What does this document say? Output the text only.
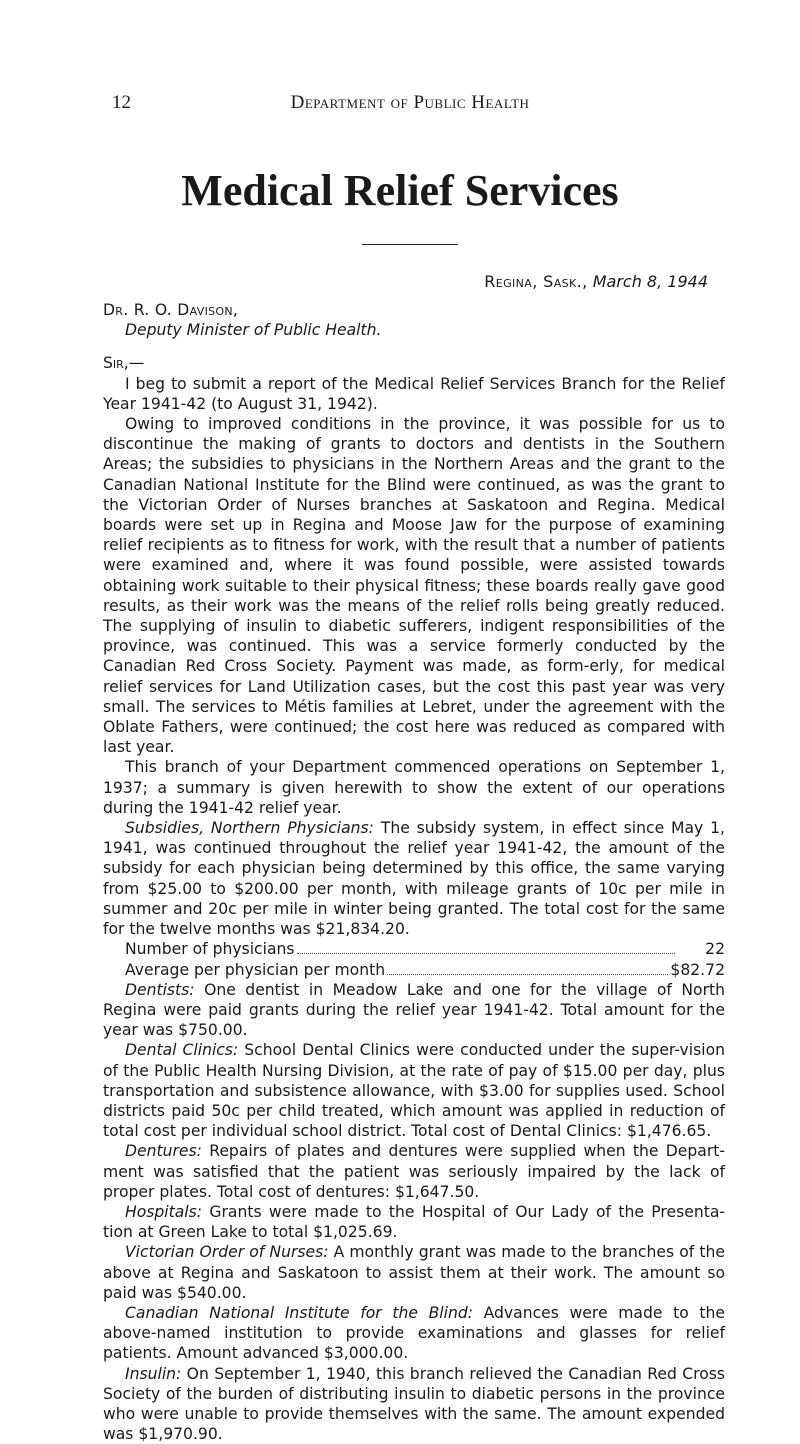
12	Department of Public Health
Medical Relief Services
Regina, Sask., March 8, 1944

Dr. R. O. Davison,

Deputy Minister of Public Health.

Sir,—

I beg to submit a report of the Medical Relief Services Branch for the Relief Year 1941-42 (to August 31, 1942).

Owing to improved conditions in the province, it was possible for us to discontinue the making of grants to doctors and dentists in the Southern Areas; the subsidies to physicians in the Northern Areas and the grant to the Canadian National Institute for the Blind were continued, as was the grant to the Victorian Order of Nurses branches at Saskatoon and Regina. Medical boards were set up in Regina and Moose Jaw for the purpose of examining relief recipients as to fitness for work, with the result that a number of patients were examined and, where it was found possible, were assisted towards obtaining work suitable to their physical fitness; these boards really gave good results, as their work was the means of the relief rolls being greatly reduced. The supplying of insulin to diabetic sufferers, indigent responsibilities of the province, was continued. This was a service formerly conducted by the Canadian Red Cross Society. Payment was made, as form-erly, for medical relief services for Land Utilization cases, but the cost this past year was very small. The services to Métis families at Lebret, under the agreement with the Oblate Fathers, were continued; the cost here was reduced as compared with last year.

This branch of your Department commenced operations on September 1, 1937; a summary is given herewith to show the extent of our operations during the 1941-42 relief year.

Subsidies, Northern Physicians: The subsidy system, in effect since May 1, 1941, was continued throughout the relief year 1941-42, the amount of the subsidy for each physician being determined by this office, the same varying from $25.00 to $200.00 per month, with mileage grants of 10c per mile in summer and 20c per mile in winter being granted. The total cost for the same for the twelve months was $21,834.20.

Number of physicians	22
Average per physician per month	$82.72

Dentists: One dentist in Meadow Lake and one for the village of North Regina were paid grants during the relief year 1941-42. Total amount for the year was $750.00.

Dental Clinics: School Dental Clinics were conducted under the super-vision of the Public Health Nursing Division, at the rate of pay of $15.00 per day, plus transportation and subsistence allowance, with $3.00 for supplies used. School districts paid 50c per child treated, which amount was applied in reduction of total cost per individual school district. Total cost of Dental Clinics: $1,476.65.

Dentures: Repairs of plates and dentures were supplied when the Depart-ment was satisfied that the patient was seriously impaired by the lack of proper plates. Total cost of dentures: $1,647.50.

Hospitals: Grants were made to the Hospital of Our Lady of the Presenta-tion at Green Lake to total $1,025.69.

Victorian Order of Nurses: A monthly grant was made to the branches of the above at Regina and Saskatoon to assist them at their work. The amount so paid was $540.00.

Canadian National Institute for the Blind: Advances were made to the above-named institution to provide examinations and glasses for relief patients. Amount advanced $3,000.00.

Insulin: On September 1, 1940, this branch relieved the Canadian Red Cross Society of the burden of distributing insulin to diabetic persons in the province who were unable to provide themselves with the same. The amount expended was $1,970.90.
